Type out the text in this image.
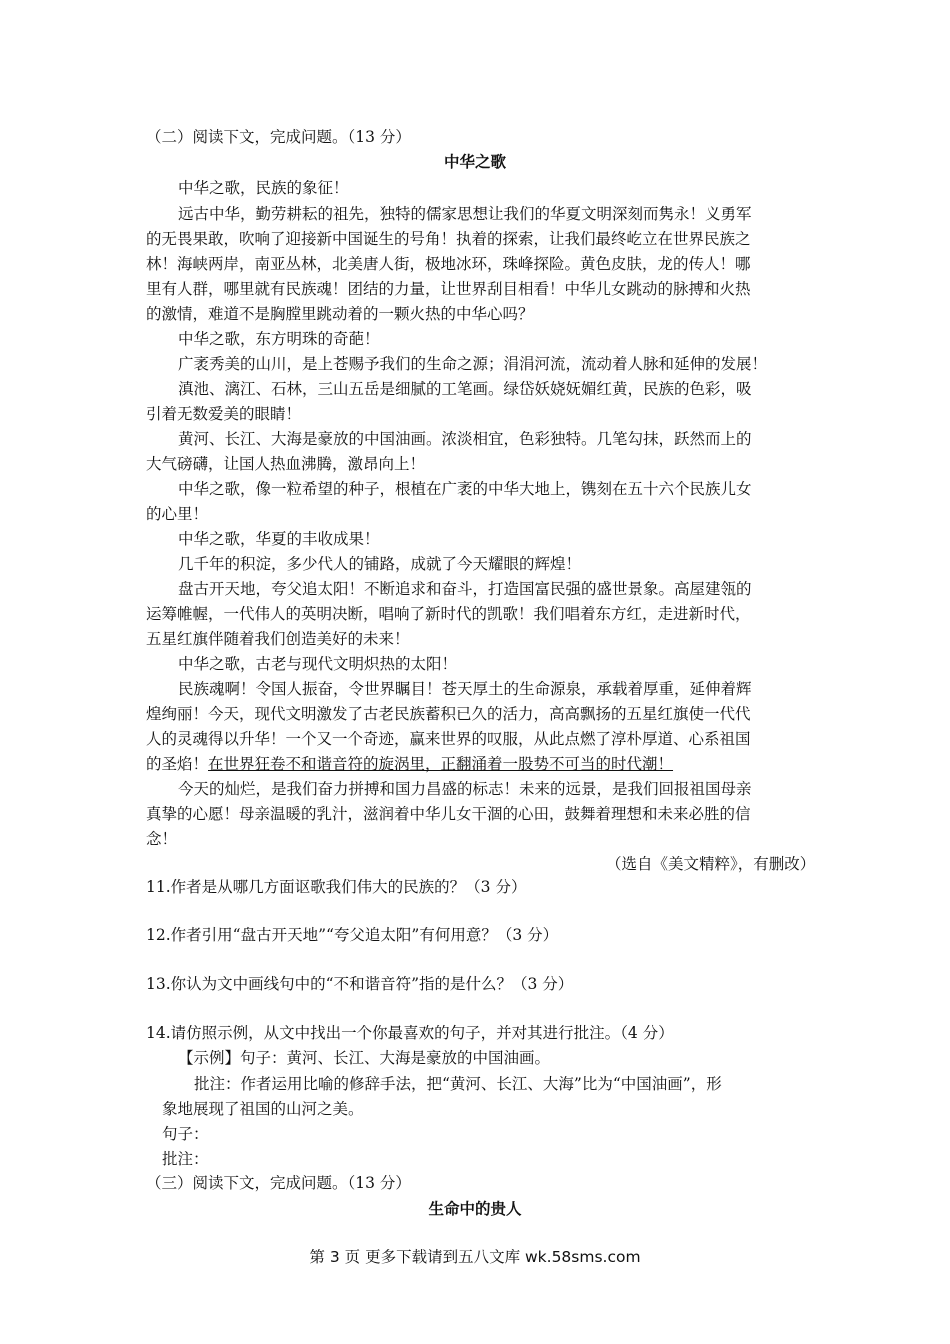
（二）阅读下文，完成问题。（13 分）
中华之歌
中华之歌，民族的象征！
远古中华，勤劳耕耘的祖先，独特的儒家思想让我们的华夏文明深刻而隽永！义勇军
的无畏果敢，吹响了迎接新中国诞生的号角！执着的探索，让我们最终屹立在世界民族之
林！海峡两岸，南亚丛林，北美唐人街，极地冰环，珠峰探险。黄色皮肤，龙的传人！哪
里有人群，哪里就有民族魂！团结的力量，让世界刮目相看！中华儿女跳动的脉搏和火热
的激情，难道不是胸膛里跳动着的一颗火热的中华心吗？
中华之歌，东方明珠的奇葩！
广袤秀美的山川，是上苍赐予我们的生命之源；涓涓河流，流动着人脉和延伸的发展！
滇池、漓江、石林，三山五岳是细腻的工笔画。绿岱妖娆妩媚红黄，民族的色彩，吸
引着无数爱美的眼睛！
黄河、长江、大海是豪放的中国油画。浓淡相宜，色彩独特。几笔勾抹，跃然而上的
大气磅礴，让国人热血沸腾，激昂向上！
中华之歌，像一粒希望的种子，根植在广袤的中华大地上，镌刻在五十六个民族儿女
的心里！
中华之歌，华夏的丰收成果！
几千年的积淀，多少代人的铺路，成就了今天耀眼的辉煌！
盘古开天地，夸父追太阳！不断追求和奋斗，打造国富民强的盛世景象。高屋建瓴的
运筹帷幄，一代伟人的英明决断，唱响了新时代的凯歌！我们唱着东方红，走进新时代，
五星红旗伴随着我们创造美好的未来！
中华之歌，古老与现代文明炽热的太阳！
民族魂啊！令国人振奋，令世界瞩目！苍天厚土的生命源泉，承载着厚重，延伸着辉
煌绚丽！今天，现代文明激发了古老民族蓄积已久的活力，高高飘扬的五星红旗使一代代
人的灵魂得以升华！一个又一个奇迹，赢来世界的叹服，从此点燃了淳朴厚道、心系祖国
的圣焰！在世界狂卷不和谐音符的旋涡里，正翻涌着一股势不可当的时代潮！
今天的灿烂，是我们奋力拼搏和国力昌盛的标志！未来的远景，是我们回报祖国母亲
真挚的心愿！母亲温暖的乳汁，滋润着中华儿女干涸的心田，鼓舞着理想和未来必胜的信
念！
（选自《美文精粹》，有删改）
11.作者是从哪几方面讴歌我们伟大的民族的？（3 分）
12.作者引用“盘古开天地”“夸父追太阳”有何用意？（3 分）
13.你认为文中画线句中的“不和谐音符”指的是什么？（3 分）
14.请仿照示例，从文中找出一个你最喜欢的句子，并对其进行批注。（4 分）
【示例】句子：黄河、长江、大海是豪放的中国油画。
批注：作者运用比喻的修辞手法，把“黄河、长江、大海”比为“中国油画”，形
象地展现了祖国的山河之美。
句子：
批注：
（三）阅读下文，完成问题。（13 分）
生命中的贵人
第 3 页 更多下载请到五八文库 wk.58sms.com
